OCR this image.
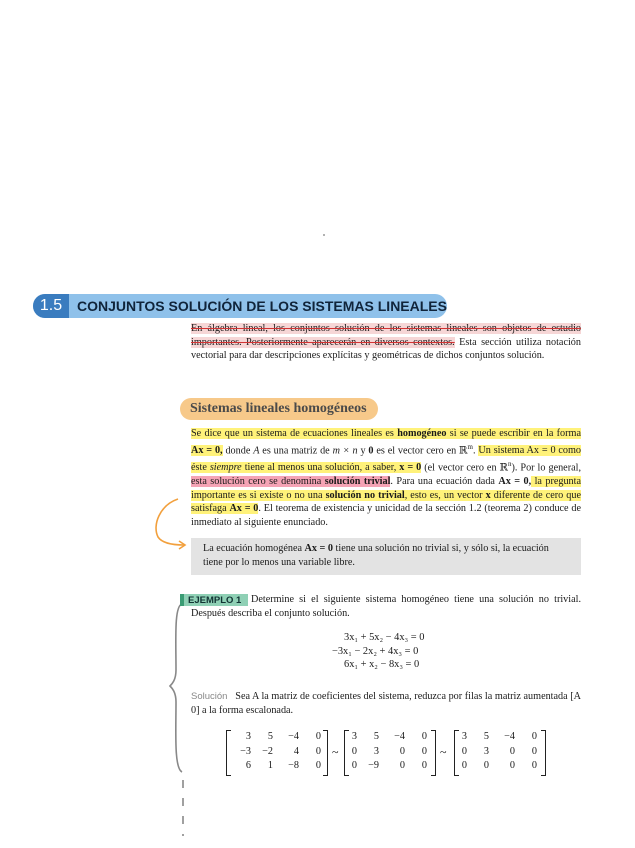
1.5	CONJUNTOS SOLUCIÓN DE LOS SISTEMAS LINEALES
En álgebra lineal, los conjuntos solución de los sistemas lineales son objetos de estudio importantes. Posteriormente aparecerán en diversos contextos. Esta sección utiliza notación vectorial para dar descripciones explícitas y geométricas de dichos conjuntos solución.
Sistemas lineales homogéneos
Se dice que un sistema de ecuaciones lineales es homogéneo si se puede escribir en la forma Ax = 0, donde A es una matriz de m × n y 0 es el vector cero en ℝ$^m$. Un sistema Ax = 0 como éste siempre tiene al menos una solución, a saber, x = 0 (el vector cero en ℝ$^n$). Por lo general, esta solución cero se denomina solución trivial. Para una ecuación dada Ax = 0, la pregunta importante es si existe o no una solución no trivial, esto es, un vector x diferente de cero que satisfaga Ax = 0. El teorema de existencia y unicidad de la sección 1.2 (teorema 2) conduce de inmediato al siguiente enunciado.
La ecuación homogénea Ax = 0 tiene una solución no trivial si, y sólo si, la ecuación tiene por lo menos una variable libre.
EJEMPLO 1 Determine si el siguiente sistema homogéneo tiene una solución no trivial. Después describa el conjunto solución.
3x₁ + 5x₂ − 4x₃ = 0
−3x₁ − 2x₂ + 4x₃ = 0
6x₁ + x₂ − 8x₃ = 0
Solución Sea A la matriz de coeficientes del sistema, reduzca por filas la matriz aumentada [A 0] a la forma escalonada.
3	5	−4	0
−3	−2	4	0
6	1	−8	0
~
3	5	−4	0
0	3	0	0
0	−9	0	0
~
3	5	−4	0
0	3	0	0
0	0	0	0
